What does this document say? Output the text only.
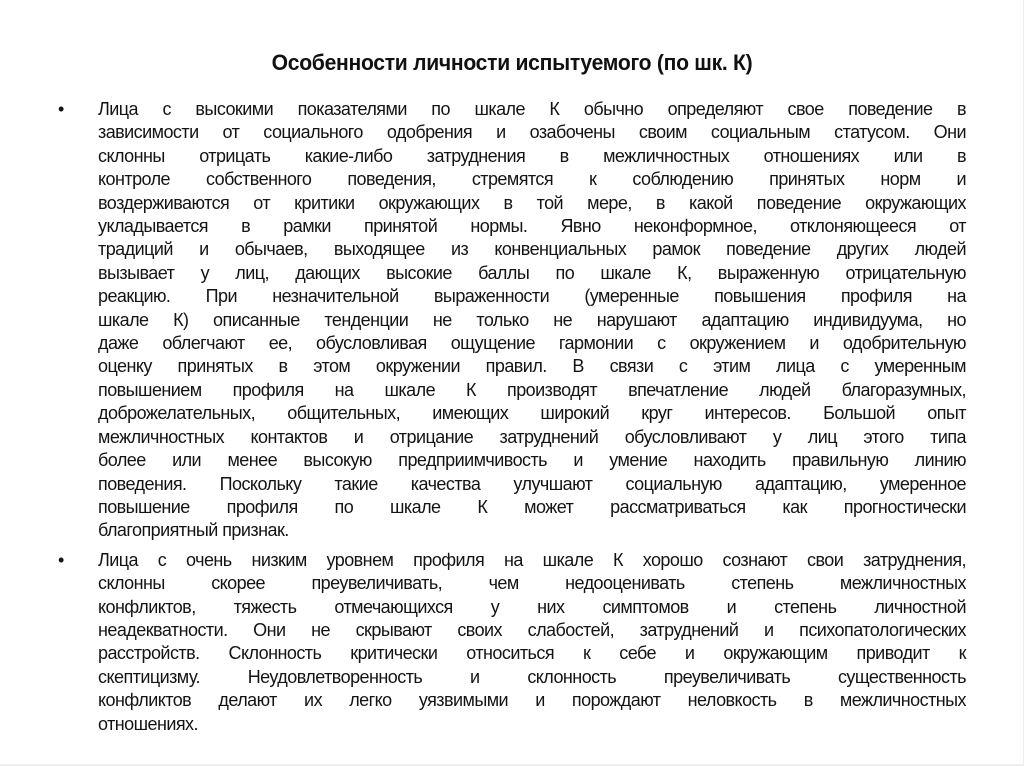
Особенности личности испытуемого (по шк. К)
•	Лица с высокими показателями по шкале К обычно определяют свое поведение в
зависимости от социального одобрения и озабочены своим социальным статусом. Они
склонны отрицать какие-либо затруднения в межличностных отношениях или в
контроле собственного поведения, стремятся к соблюдению принятых норм и
воздерживаются от критики окружающих в той мере, в какой поведение окружающих
укладывается в рамки принятой нормы. Явно неконформное, отклоняющееся от
традиций и обычаев, выходящее из конвенциальных рамок поведение других людей
вызывает у лиц, дающих высокие баллы по шкале К, выраженную отрицательную
реакцию. При незначительной выраженности (умеренные повышения профиля на
шкале К) описанные тенденции не только не нарушают адаптацию индивидуума, но
даже облегчают ее, обусловливая ощущение гармонии с окружением и одобрительную
оценку принятых в этом окружении правил. В связи с этим лица с умеренным
повышением профиля на шкале К производят впечатление людей благоразумных,
доброжелательных, общительных, имеющих широкий круг интересов. Большой опыт
межличностных контактов и отрицание затруднений обусловливают у лиц этого типа
более или менее высокую предприимчивость и умение находить правильную линию
поведения. Поскольку такие качества улучшают социальную адаптацию, умеренное
повышение профиля по шкале К может рассматриваться как прогностически
благоприятный признак.
•	Лица с очень низким уровнем профиля на шкале К хорошо сознают свои затруднения,
склонны скорее преувеличивать, чем недооценивать степень межличностных
конфликтов, тяжесть отмечающихся у них симптомов и степень личностной
неадекватности. Они не скрывают своих слабостей, затруднений и психопатологических
расстройств. Склонность критически относиться к себе и окружающим приводит к
скептицизму. Неудовлетворенность и склонность преувеличивать существенность
конфликтов делают их легко уязвимыми и порождают неловкость в межличностных
отношениях.
